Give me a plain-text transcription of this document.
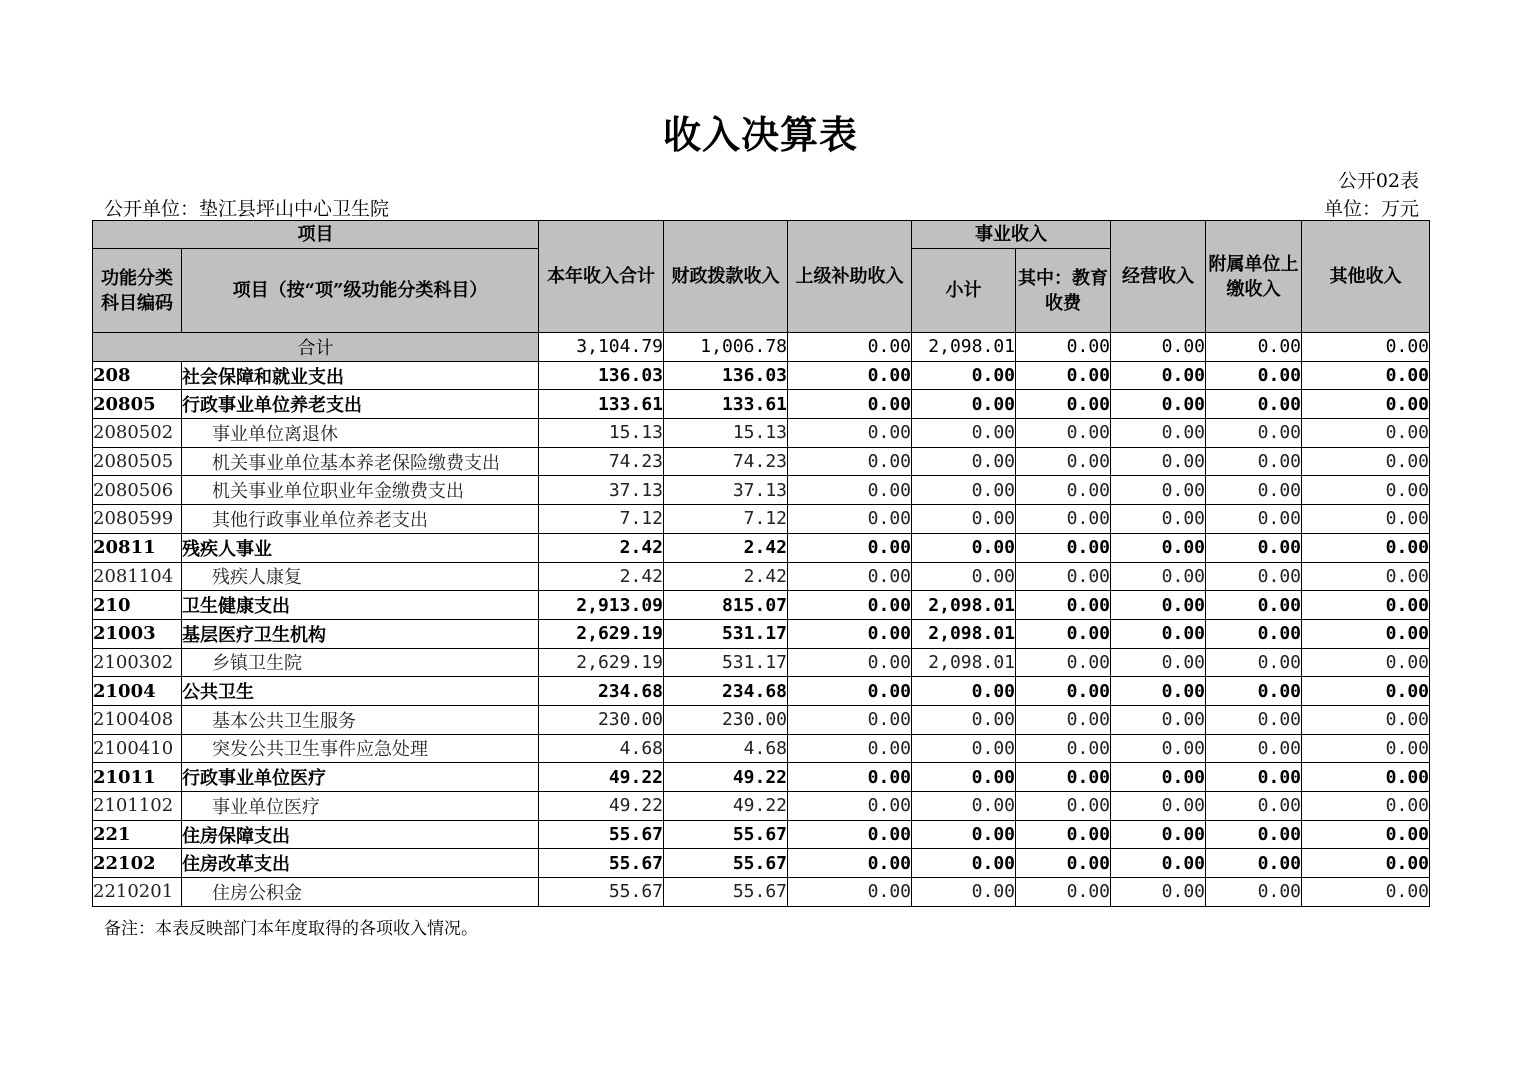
收入决算表
公开02表
公开单位：垫江县坪山中心卫生院	单位：万元
项目		本年收入合计	财政拨款收入	上级补助收入	事业收入		经营收入	附属单位上缴收入	其他收入
功能分类科目编码	项目（按“项”级功能分类科目）				小计	其中：教育收费			
合计		3,104.79	1,006.78	0.00	2,098.01	0.00	0.00	0.00	0.00
208	社会保障和就业支出	136.03	136.03	0.00	0.00	0.00	0.00	0.00	0.00
20805	行政事业单位养老支出	133.61	133.61	0.00	0.00	0.00	0.00	0.00	0.00
2080502	事业单位离退休	15.13	15.13	0.00	0.00	0.00	0.00	0.00	0.00
2080505	机关事业单位基本养老保险缴费支出	74.23	74.23	0.00	0.00	0.00	0.00	0.00	0.00
2080506	机关事业单位职业年金缴费支出	37.13	37.13	0.00	0.00	0.00	0.00	0.00	0.00
2080599	其他行政事业单位养老支出	7.12	7.12	0.00	0.00	0.00	0.00	0.00	0.00
20811	残疾人事业	2.42	2.42	0.00	0.00	0.00	0.00	0.00	0.00
2081104	残疾人康复	2.42	2.42	0.00	0.00	0.00	0.00	0.00	0.00
210	卫生健康支出	2,913.09	815.07	0.00	2,098.01	0.00	0.00	0.00	0.00
21003	基层医疗卫生机构	2,629.19	531.17	0.00	2,098.01	0.00	0.00	0.00	0.00
2100302	乡镇卫生院	2,629.19	531.17	0.00	2,098.01	0.00	0.00	0.00	0.00
21004	公共卫生	234.68	234.68	0.00	0.00	0.00	0.00	0.00	0.00
2100408	基本公共卫生服务	230.00	230.00	0.00	0.00	0.00	0.00	0.00	0.00
2100410	突发公共卫生事件应急处理	4.68	4.68	0.00	0.00	0.00	0.00	0.00	0.00
21011	行政事业单位医疗	49.22	49.22	0.00	0.00	0.00	0.00	0.00	0.00
2101102	事业单位医疗	49.22	49.22	0.00	0.00	0.00	0.00	0.00	0.00
221	住房保障支出	55.67	55.67	0.00	0.00	0.00	0.00	0.00	0.00
22102	住房改革支出	55.67	55.67	0.00	0.00	0.00	0.00	0.00	0.00
2210201	住房公积金	55.67	55.67	0.00	0.00	0.00	0.00	0.00	0.00
备注：本表反映部门本年度取得的各项收入情况。
